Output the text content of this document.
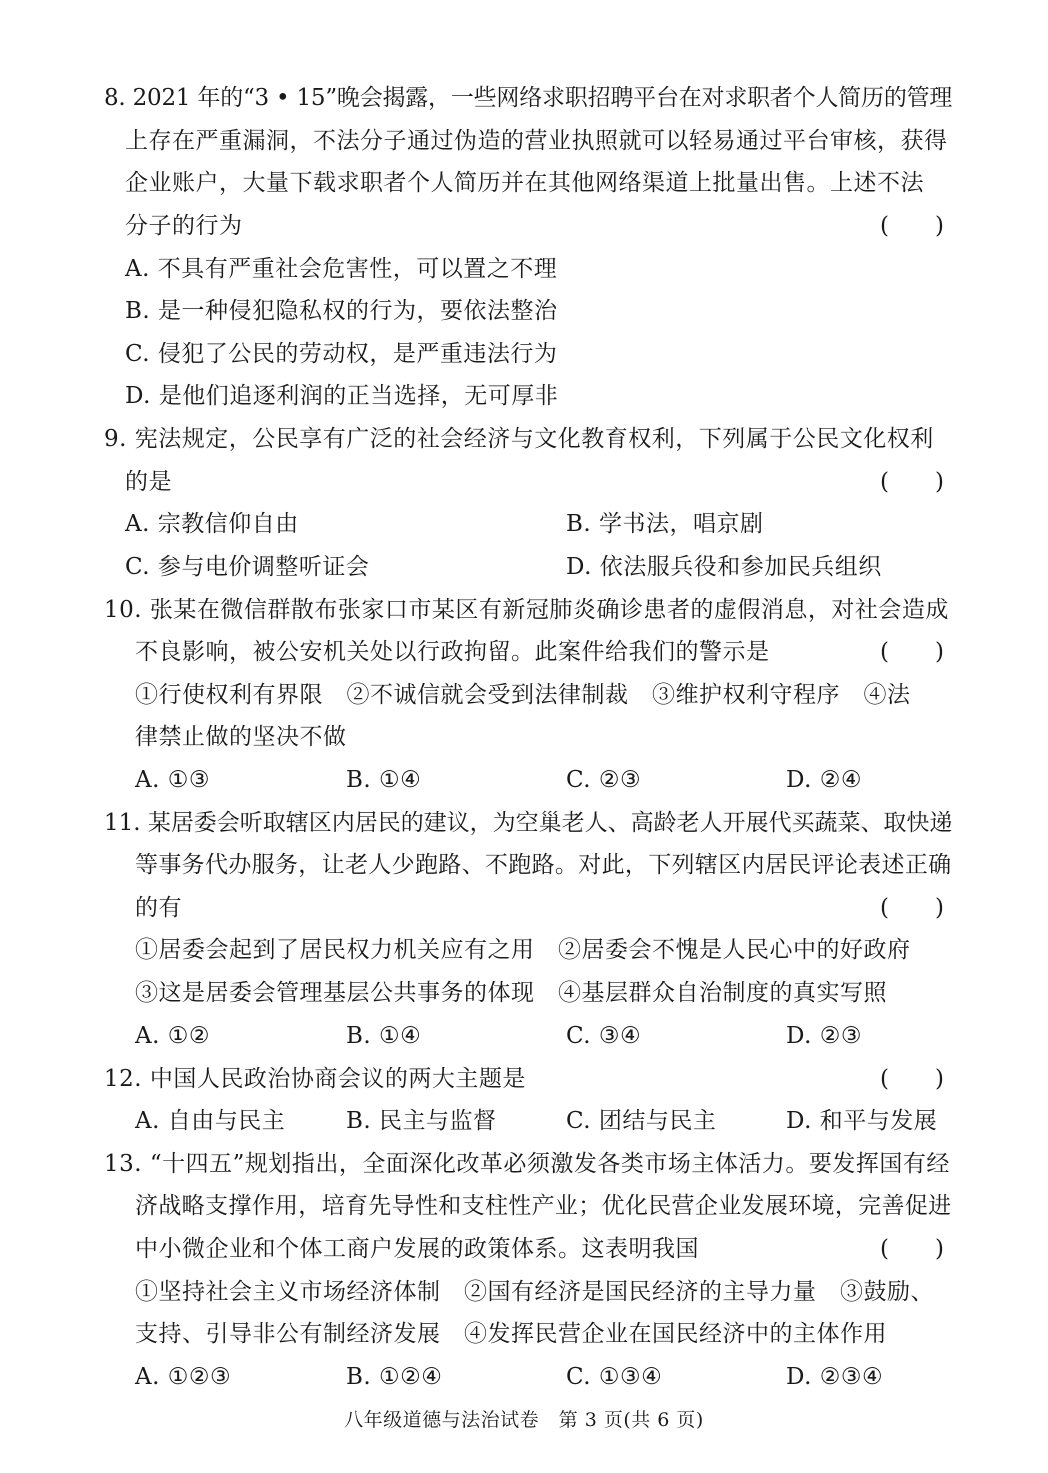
8. 2021 年的“3 • 15”晚会揭露，一些网络求职招聘平台在对求职者个人简历的管理
上存在严重漏洞，不法分子通过伪造的营业执照就可以轻易通过平台审核，获得
企业账户，大量下载求职者个人简历并在其他网络渠道上批量出售。上述不法
分子的行为	(　　)
A. 不具有严重社会危害性，可以置之不理
B. 是一种侵犯隐私权的行为，要依法整治
C. 侵犯了公民的劳动权，是严重违法行为
D. 是他们追逐利润的正当选择，无可厚非
9. 宪法规定，公民享有广泛的社会经济与文化教育权利，下列属于公民文化权利
的是	(　　)
A. 宗教信仰自由	B. 学书法，唱京剧
C. 参与电价调整听证会	D. 依法服兵役和参加民兵组织
10. 张某在微信群散布张家口市某区有新冠肺炎确诊患者的虚假消息，对社会造成
不良影响，被公安机关处以行政拘留。此案件给我们的警示是	(　　)
①行使权利有界限　②不诚信就会受到法律制裁　③维护权利守程序　④法
律禁止做的坚决不做
A. ①③	B. ①④	C. ②③	D. ②④
11. 某居委会听取辖区内居民的建议，为空巢老人、高龄老人开展代买蔬菜、取快递
等事务代办服务，让老人少跑路、不跑路。对此，下列辖区内居民评论表述正确
的有	(　　)
①居委会起到了居民权力机关应有之用　②居委会不愧是人民心中的好政府
③这是居委会管理基层公共事务的体现　④基层群众自治制度的真实写照
A. ①②	B. ①④	C. ③④	D. ②③
12. 中国人民政治协商会议的两大主题是	(　　)
A. 自由与民主	B. 民主与监督	C. 团结与民主	D. 和平与发展
13. “十四五”规划指出，全面深化改革必须激发各类市场主体活力。要发挥国有经
济战略支撑作用，培育先导性和支柱性产业；优化民营企业发展环境，完善促进
中小微企业和个体工商户发展的政策体系。这表明我国	(　　)
①坚持社会主义市场经济体制　②国有经济是国民经济的主导力量　③鼓励、
支持、引导非公有制经济发展　④发挥民营企业在国民经济中的主体作用
A. ①②③	B. ①②④	C. ①③④	D. ②③④
八年级道德与法治试卷　第 3 页(共 6 页)
